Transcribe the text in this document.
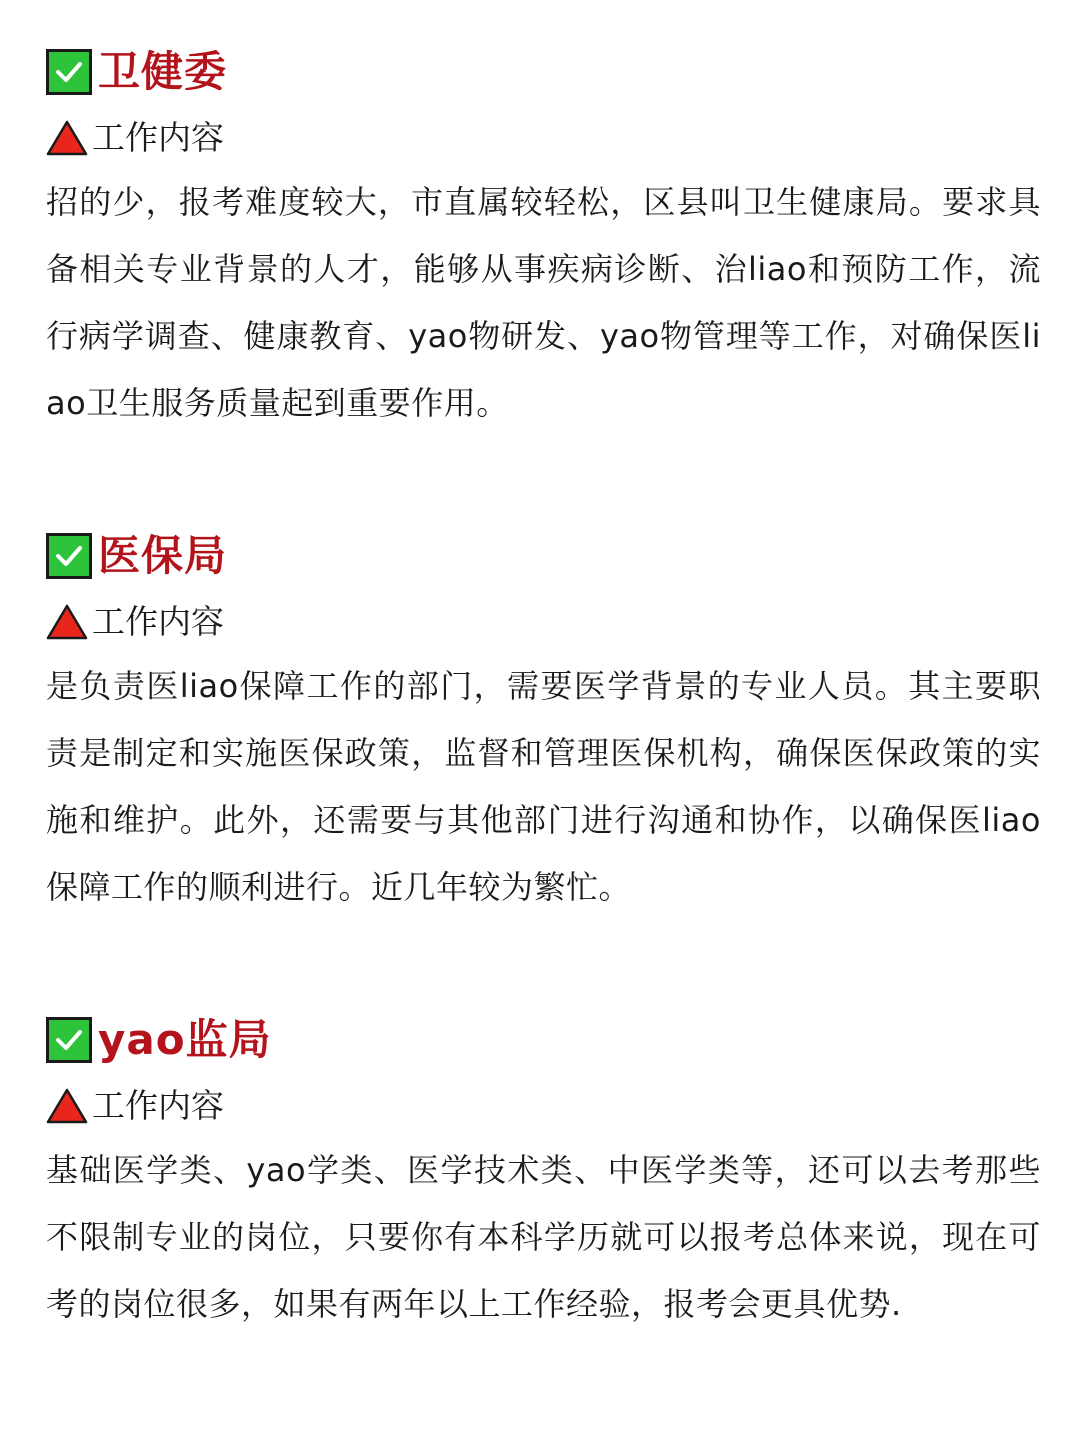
卫健委
工作内容

招的少，报考难度较大，市直属较轻松，区县叫卫生健康局。要求具备相关专业背景的人才，能够从事疾病诊断、治liao和预防工作，流行病学调查、健康教育、yao物研发、yao物管理等工作，对确保医liao卫生服务质量起到重要作用。

医保局
工作内容

是负责医liao保障工作的部门，需要医学背景的专业人员。其主要职责是制定和实施医保政策，监督和管理医保机构，确保医保政策的实施和维护。此外，还需要与其他部门进行沟通和协作，以确保医liao保障工作的顺利进行。近几年较为繁忙。

yao监局
工作内容

基础医学类、yao学类、医学技术类、中医学类等，还可以去考那些不限制专业的岗位，只要你有本科学历就可以报考总体来说，现在可考的岗位很多，如果有两年以上工作经验，报考会更具优势.
